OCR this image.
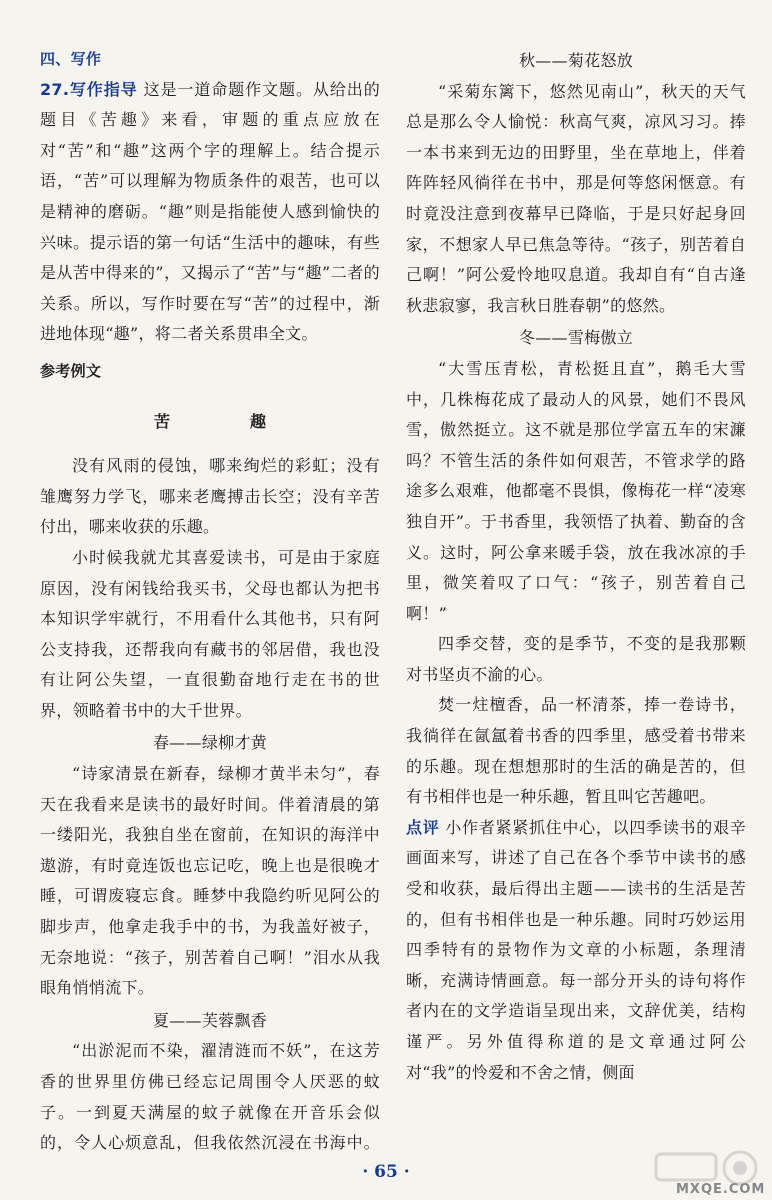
四、写作

27.写作指导 这是一道命题作文题。从给出的题目《苦趣》来看，审题的重点应放在对“苦”和“趣”这两个字的理解上。结合提示语，“苦”可以理解为物质条件的艰苦，也可以是精神的磨砺。“趣”则是指能使人感到愉快的兴味。提示语的第一句话“生活中的趣味，有些是从苦中得来的”，又揭示了“苦”与“趣”二者的关系。所以，写作时要在写“苦”的过程中，渐进地体现“趣”，将二者关系贯串全文。

参考例文

苦　趣

没有风雨的侵蚀，哪来绚烂的彩虹；没有雏鹰努力学飞，哪来老鹰搏击长空；没有辛苦付出，哪来收获的乐趣。

小时候我就尤其喜爱读书，可是由于家庭原因，没有闲钱给我买书，父母也都认为把书本知识学牢就行，不用看什么其他书，只有阿公支持我，还帮我向有藏书的邻居借，我也没有让阿公失望，一直很勤奋地行走在书的世界，领略着书中的大千世界。

春——绿柳才黄

“诗家清景在新春，绿柳才黄半未匀”，春天在我看来是读书的最好时间。伴着清晨的第一缕阳光，我独自坐在窗前，在知识的海洋中遨游，有时竟连饭也忘记吃，晚上也是很晚才睡，可谓废寝忘食。睡梦中我隐约听见阿公的脚步声，他拿走我手中的书，为我盖好被子，无奈地说：“孩子，别苦着自己啊！”泪水从我眼角悄悄流下。

夏——芙蓉飘香

“出淤泥而不染，濯清涟而不妖”，在这芳香的世界里仿佛已经忘记周围令人厌恶的蚊子。一到夏天满屋的蚊子就像在开音乐会似的，令人心烦意乱，但我依然沉浸在书海中。

秋——菊花怒放

“采菊东篱下，悠然见南山”，秋天的天气总是那么令人愉悦：秋高气爽，凉风习习。捧一本书来到无边的田野里，坐在草地上，伴着阵阵轻风徜徉在书中，那是何等悠闲惬意。有时竟没注意到夜幕早已降临，于是只好起身回家，不想家人早已焦急等待。“孩子，别苦着自己啊！”阿公爱怜地叹息道。我却自有“自古逢秋悲寂寥，我言秋日胜春朝”的悠然。

冬——雪梅傲立

“大雪压青松，青松挺且直”，鹅毛大雪中，几株梅花成了最动人的风景，她们不畏风雪，傲然挺立。这不就是那位学富五车的宋濂吗？不管生活的条件如何艰苦，不管求学的路途多么艰难，他都毫不畏惧，像梅花一样“凌寒独自开”。于书香里，我领悟了执着、勤奋的含义。这时，阿公拿来暖手袋，放在我冰凉的手里，微笑着叹了口气：“孩子，别苦着自己啊！”

四季交替，变的是季节，不变的是我那颗对书坚贞不渝的心。

焚一炷檀香，品一杯清茶，捧一卷诗书，我徜徉在氤氲着书香的四季里，感受着书带来的乐趣。现在想想那时的生活的确是苦的，但有书相伴也是一种乐趣，暂且叫它苦趣吧。

点评 小作者紧紧抓住中心，以四季读书的艰辛画面来写，讲述了自己在各个季节中读书的感受和收获，最后得出主题——读书的生活是苦的，但有书相伴也是一种乐趣。同时巧妙运用四季特有的景物作为文章的小标题，条理清晰，充满诗情画意。每一部分开头的诗句将作者内在的文学造诣呈现出来，文辞优美，结构谨严。另外值得称道的是文章通过阿公对“我”的怜爱和不舍之情，侧面

· 65 ·
MXQE.COM
